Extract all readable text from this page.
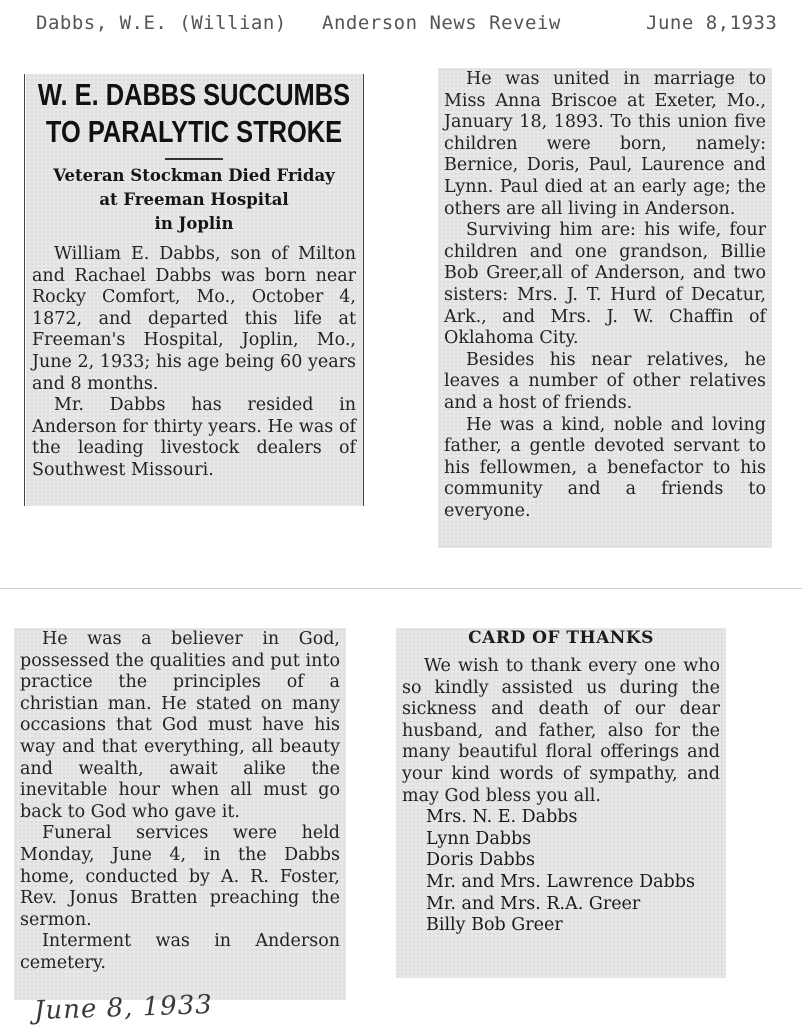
Dabbs, W.E. (Willian) Anderson News Reveiw	June 8,1933
W. E. DABBS SUCCUMBS
TO PARALYTIC STROKE
Veteran Stockman Died Friday
at Freeman Hospital
in Joplin

William E. Dabbs, son of Milton and Rachael Dabbs was born near Rocky Comfort, Mo., October 4, 1872, and departed this life at Freeman's Hospital, Joplin, Mo., June 2, 1933; his age being 60 years and 8 months.

Mr. Dabbs has resided in Anderson for thirty years. He was of the leading livestock dealers of Southwest Missouri.

He was united in marriage to Miss Anna Briscoe at Exeter, Mo., January 18, 1893. To this union five children were born, namely: Bernice, Doris, Paul, Laurence and Lynn. Paul died at an early age; the others are all living in Anderson.

Surviving him are: his wife, four children and one grandson, Billie Bob Greer,all of Anderson, and two sisters: Mrs. J. T. Hurd of Decatur, Ark., and Mrs. J. W. Chaffin of Oklahoma City.

Besides his near relatives, he leaves a number of other relatives and a host of friends.

He was a kind, noble and loving father, a gentle devoted servant to his fellowmen, a benefactor to his community and a friends to everyone.

He was a believer in God, possessed the qualities and put into practice the principles of a christian man. He stated on many occasions that God must have his way and that everything, all beauty and wealth, await alike the inevitable hour when all must go back to God who gave it.

Funeral services were held Monday, June 4, in the Dabbs home, conducted by A. R. Foster, Rev. Jonus Bratten preaching the sermon.

Interment was in Anderson cemetery.

CARD OF THANKS

We wish to thank every one who so kindly assisted us during the sickness and death of our dear husband, and father, also for the many beautiful floral offerings and your kind words of sympathy, and may God bless you all.

Mrs. N. E. Dabbs
Lynn Dabbs
Doris Dabbs
Mr. and Mrs. Lawrence Dabbs
Mr. and Mrs. R.A. Greer
Billy Bob Greer
June 8, 1933
